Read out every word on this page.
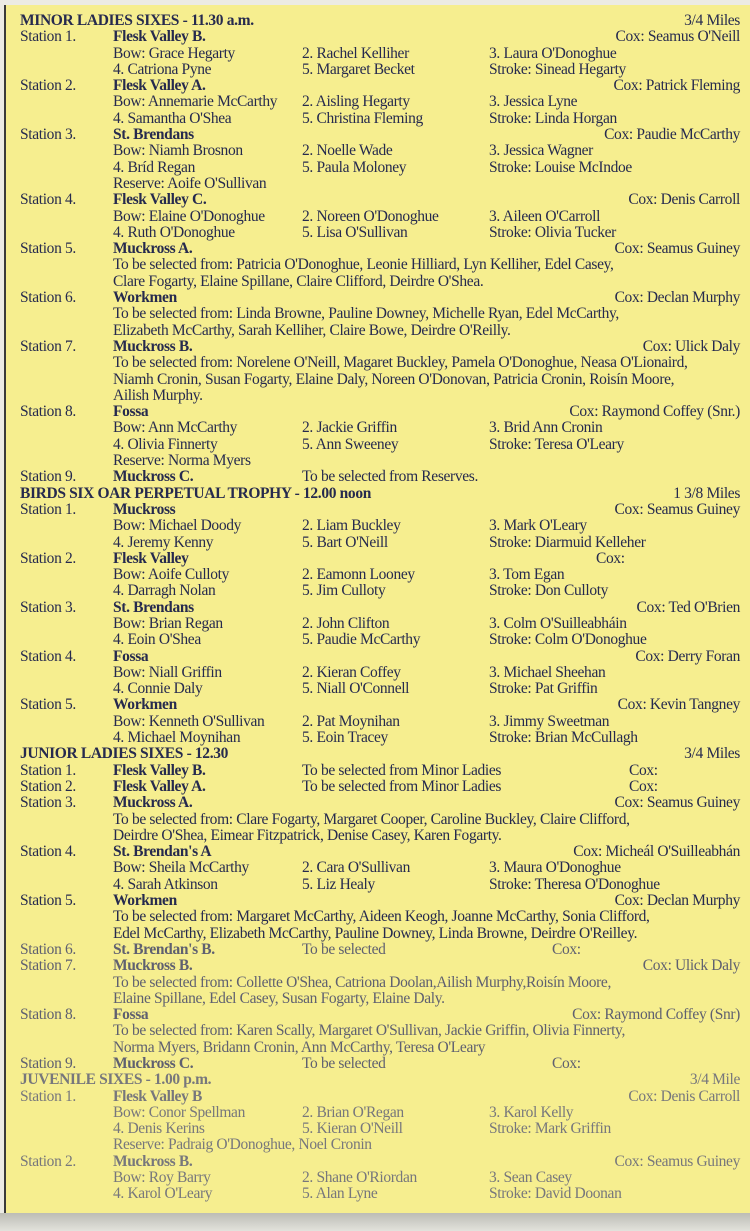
MINOR LADIES SIXES - 11.30 a.m.	3/4 Miles
Station 1. Flesk Valley B.	Cox: Seamus O'Neill
Bow: Grace Hegarty	2. Rachel Kelliher	3. Laura O'Donoghue
4. Catriona Pyne	5. Margaret Becket	Stroke: Sinead Hegarty
Station 2. Flesk Valley A.	Cox: Patrick Fleming
Bow: Annemarie McCarthy 2. Aisling Hegarty	3. Jessica Lyne
4. Samantha O'Shea	5. Christina Fleming	Stroke: Linda Horgan
Station 3. St. Brendans	Cox: Paudie McCarthy
Bow: Niamh Brosnon	2. Noelle Wade	3. Jessica Wagner
4. Bríd Regan	5. Paula Moloney	Stroke: Louise McIndoe
Reserve: Aoife O'Sullivan
Station 4. Flesk Valley C.	Cox: Denis Carroll
Bow: Elaine O'Donoghue 2. Noreen O'Donoghue	3. Aileen O'Carroll
4. Ruth O'Donoghue	5. Lisa O'Sullivan	Stroke: Olivia Tucker
Station 5. Muckross A.	Cox: Seamus Guiney
To be selected from: Patricia O'Donoghue, Leonie Hilliard, Lyn Kelliher, Edel Casey,
Clare Fogarty, Elaine Spillane, Claire Clifford, Deirdre O'Shea.
Station 6. Workmen	Cox: Declan Murphy
To be selected from: Linda Browne, Pauline Downey, Michelle Ryan, Edel McCarthy,
Elizabeth McCarthy, Sarah Kelliher, Claire Bowe, Deirdre O'Reilly.
Station 7. Muckross B.	Cox: Ulick Daly
To be selected from: Norelene O'Neill, Magaret Buckley, Pamela O'Donoghue, Neasa O'Lionaird,
Niamh Cronin, Susan Fogarty, Elaine Daly, Noreen O'Donovan, Patricia Cronin, Roisín Moore,
Ailish Murphy.
Station 8. Fossa	Cox: Raymond Coffey (Snr.)
Bow: Ann McCarthy	2. Jackie Griffin	3. Brid Ann Cronin
4. Olivia Finnerty	5. Ann Sweeney	Stroke: Teresa O'Leary
Reserve: Norma Myers
Station 9. Muckross C.	To be selected from Reserves.
BIRDS SIX OAR PERPETUAL TROPHY - 12.00 noon	1 3/8 Miles
Station 1. Muckross	Cox: Seamus Guiney
Bow: Michael Doody	2. Liam Buckley	3. Mark O'Leary
4. Jeremy Kenny	5. Bart O'Neill	Stroke: Diarmuid Kelleher
Station 2. Flesk Valley	Cox:
Bow: Aoife Culloty	2. Eamonn Looney	3. Tom Egan
4. Darragh Nolan	5. Jim Culloty	Stroke: Don Culloty
Station 3. St. Brendans	Cox: Ted O'Brien
Bow: Brian Regan	2. John Clifton	3. Colm O'Suilleabháin
4. Eoin O'Shea	5. Paudie McCarthy	Stroke: Colm O'Donoghue
Station 4. Fossa	Cox: Derry Foran
Bow: Niall Griffin	2. Kieran Coffey	3. Michael Sheehan
4. Connie Daly	5. Niall O'Connell	Stroke: Pat Griffin
Station 5. Workmen	Cox: Kevin Tangney
Bow: Kenneth O'Sullivan 2. Pat Moynihan	3. Jimmy Sweetman
4. Michael Moynihan	5. Eoin Tracey	Stroke: Brian McCullagh
JUNIOR LADIES SIXES - 12.30	3/4 Miles
Station 1. Flesk Valley B.	To be selected from Minor Ladies	Cox:
Station 2. Flesk Valley A.	To be selected from Minor Ladies	Cox:
Station 3. Muckross A.	Cox: Seamus Guiney
To be selected from: Clare Fogarty, Margaret Cooper, Caroline Buckley, Claire Clifford,
Deirdre O'Shea, Eimear Fitzpatrick, Denise Casey, Karen Fogarty.
Station 4. St. Brendan's A	Cox: Micheál O'Suilleabhán
Bow: Sheila McCarthy	2. Cara O'Sullivan	3. Maura O'Donoghue
4. Sarah Atkinson	5. Liz Healy	Stroke: Theresa O'Donoghue
Station 5. Workmen	Cox: Declan Murphy
To be selected from: Margaret McCarthy, Aideen Keogh, Joanne McCarthy, Sonia Clifford,
Edel McCarthy, Elizabeth McCarthy, Pauline Downey, Linda Browne, Deirdre O'Reilley.
Station 6. St. Brendan's B.	To be selected	Cox:
Station 7. Muckross B.	Cox: Ulick Daly
To be selected from: Collette O'Shea, Catriona Doolan,Ailish Murphy,Roisín Moore,
Elaine Spillane, Edel Casey, Susan Fogarty, Elaine Daly.
Station 8. Fossa	Cox: Raymond Coffey (Snr)
To be selected from: Karen Scally, Margaret O'Sullivan, Jackie Griffin, Olivia Finnerty,
Norma Myers, Bridann Cronin, Ann McCarthy, Teresa O'Leary
Station 9. Muckross C.	To be selected	Cox:
JUVENILE SIXES - 1.00 p.m.	3/4 Mile
Station 1. Flesk Valley B	Cox: Denis Carroll
Bow: Conor Spellman	2. Brian O'Regan	3. Karol Kelly
4. Denis Kerins	5. Kieran O'Neill	Stroke: Mark Griffin
Reserve: Padraig O'Donoghue, Noel Cronin
Station 2. Muckross B.	Cox: Seamus Guiney
Bow: Roy Barry	2. Shane O'Riordan	3. Sean Casey
4. Karol O'Leary	5. Alan Lyne	Stroke: David Doonan
